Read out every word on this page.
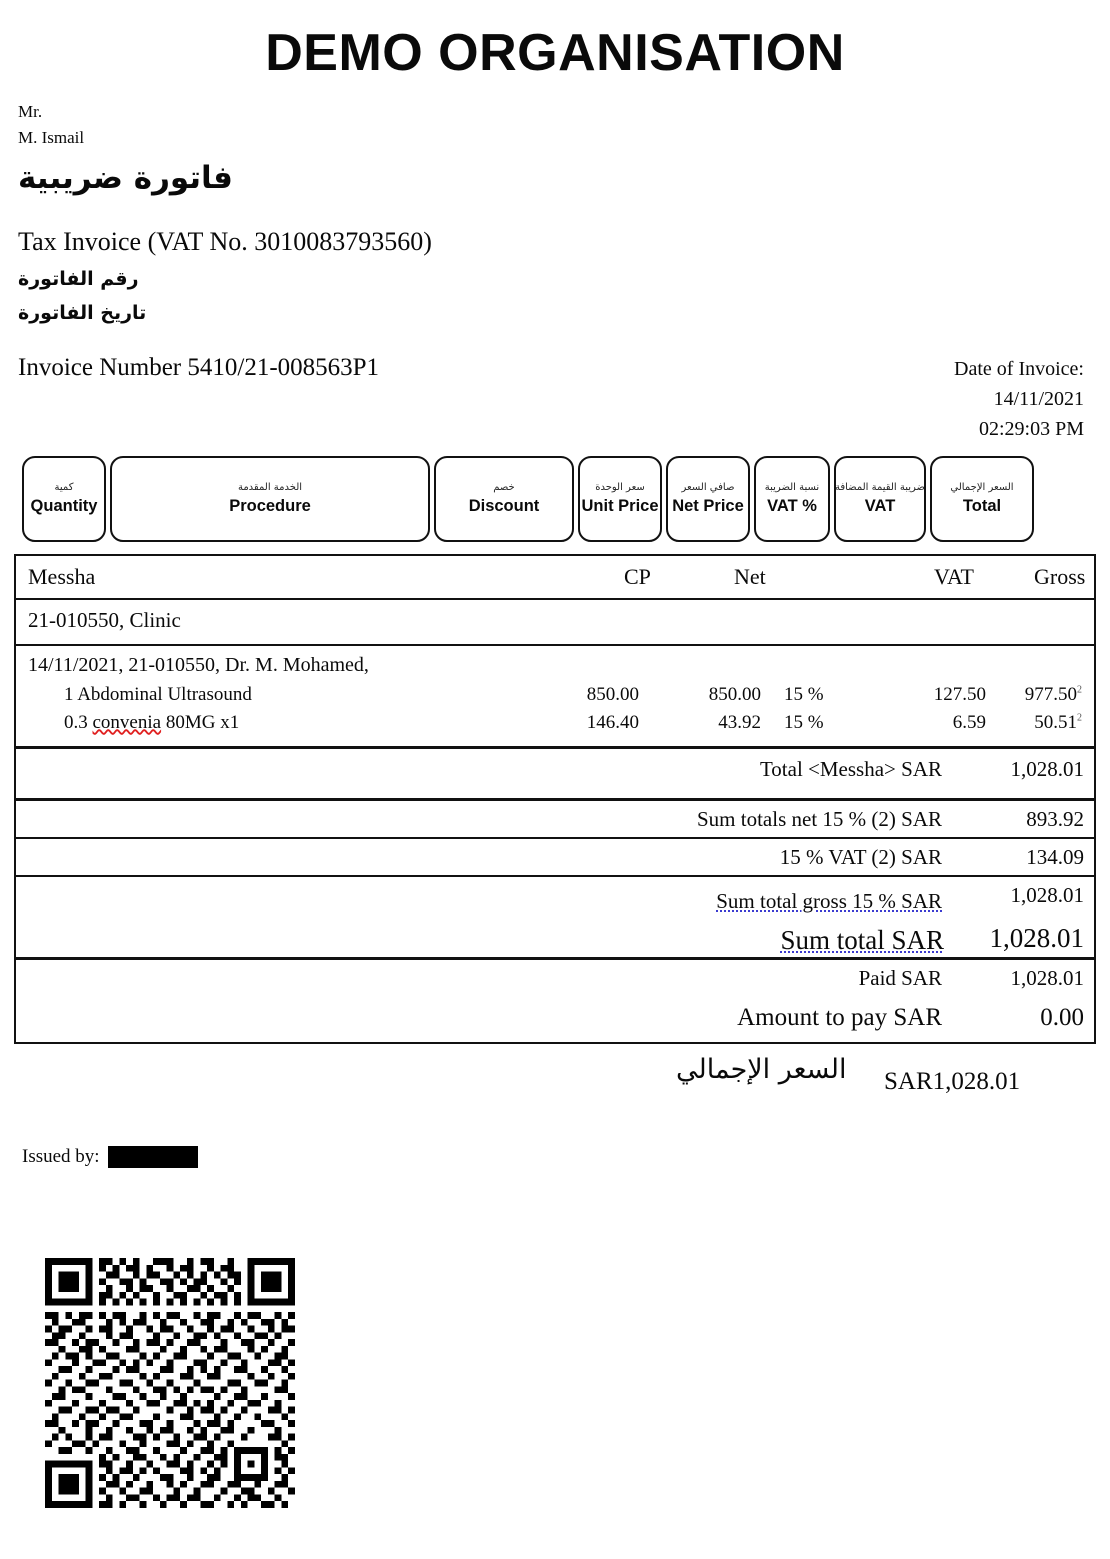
DEMO ORGANISATION
Mr.
M. Ismail
فاتورة ضريبية
Tax Invoice (VAT No. 3010083793560)
رقم الفاتورة
تاريخ الفاتورة
Invoice Number 5410/21-008563P1	Date of Invoice:
14/11/2021
02:29:03 PM
كمية
Quantity
الخدمة المقدمة
Procedure
خصم
Discount
سعر الوحدة
Unit Price
صافي السعر
Net Price
نسبة الضريبة
VAT %
ضريبة القيمة المضافة
VAT
السعر الإجمالي
Total
Messha	CP	Net	VAT	Gross
21-010550, Clinic
14/11/2021, 21-010550, Dr. M. Mohamed,
1 Abdominal Ultrasound	850.00	850.00 15 %	127.50	977.50$^2$
0.3 convenia 80MG x1	146.40	43.92 15 %	6.59	50.51$^2$
Total <Messha> SAR	1,028.01
Sum totals net 15 % (2) SAR	893.92
15 % VAT (2) SAR	134.09
Sum total gross 15 % SAR	1,028.01
Sum total SAR	1,028.01
Paid SAR	1,028.01
Amount to pay SAR	0.00
السعر الإجمالي SAR1,028.01
Issued by:
